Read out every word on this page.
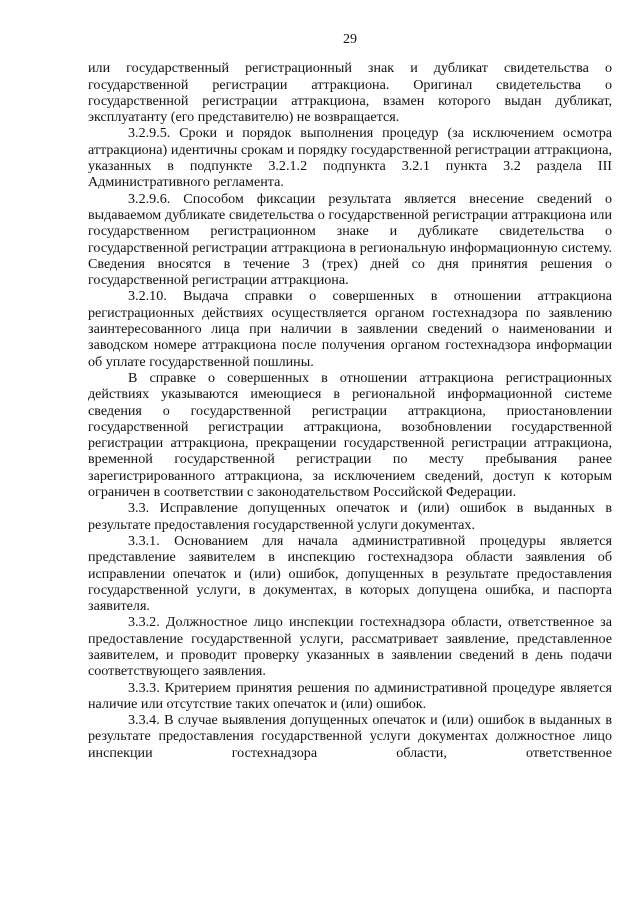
29

или государственный регистрационный знак и дубликат свидетельства о государственной регистрации аттракциона. Оригинал свидетельства о государственной регистрации аттракциона, взамен которого выдан дубликат, эксплуатанту (его представителю) не возвращается.

3.2.9.5. Сроки и порядок выполнения процедур (за исключением осмотра аттракциона) идентичны срокам и порядку государственной регистрации аттракциона, указанных в подпункте 3.2.1.2 подпункта 3.2.1 пункта 3.2 раздела III Административного регламента.

3.2.9.6. Способом фиксации результата является внесение сведений о выдаваемом дубликате свидетельства о государственной регистрации аттракциона или государственном регистрационном знаке и дубликате свидетельства о государственной регистрации аттракциона в региональную информационную систему. Сведения вносятся в течение 3 (трех) дней со дня принятия решения о государственной регистрации аттракциона.

3.2.10. Выдача справки о совершенных в отношении аттракциона регистрационных действиях осуществляется органом гостехнадзора по заявлению заинтересованного лица при наличии в заявлении сведений о наименовании и заводском номере аттракциона после получения органом гостехнадзора информации об уплате государственной пошлины.

В справке о совершенных в отношении аттракциона регистрационных действиях указываются имеющиеся в региональной информационной системе сведения о государственной регистрации аттракциона, приостановлении государственной регистрации аттракциона, возобновлении государственной регистрации аттракциона, прекращении государственной регистрации аттракциона, временной государственной регистрации по месту пребывания ранее зарегистрированного аттракциона, за исключением сведений, доступ к которым ограничен в соответствии с законодательством Российской Федерации.

3.3. Исправление допущенных опечаток и (или) ошибок в выданных в результате предоставления государственной услуги документах.

3.3.1. Основанием для начала административной процедуры является представление заявителем в инспекцию гостехнадзора области заявления об исправлении опечаток и (или) ошибок, допущенных в результате предоставления государственной услуги, в документах, в которых допущена ошибка, и паспорта заявителя.

3.3.2. Должностное лицо инспекции гостехнадзора области, ответственное за предоставление государственной услуги, рассматривает заявление, представленное заявителем, и проводит проверку указанных в заявлении сведений в день подачи соответствующего заявления.

3.3.3. Критерием принятия решения по административной процедуре является наличие или отсутствие таких опечаток и (или) ошибок.

3.3.4. В случае выявления допущенных опечаток и (или) ошибок в выданных в результате предоставления государственной услуги документах должностное лицо инспекции гостехнадзора области, ответственное
